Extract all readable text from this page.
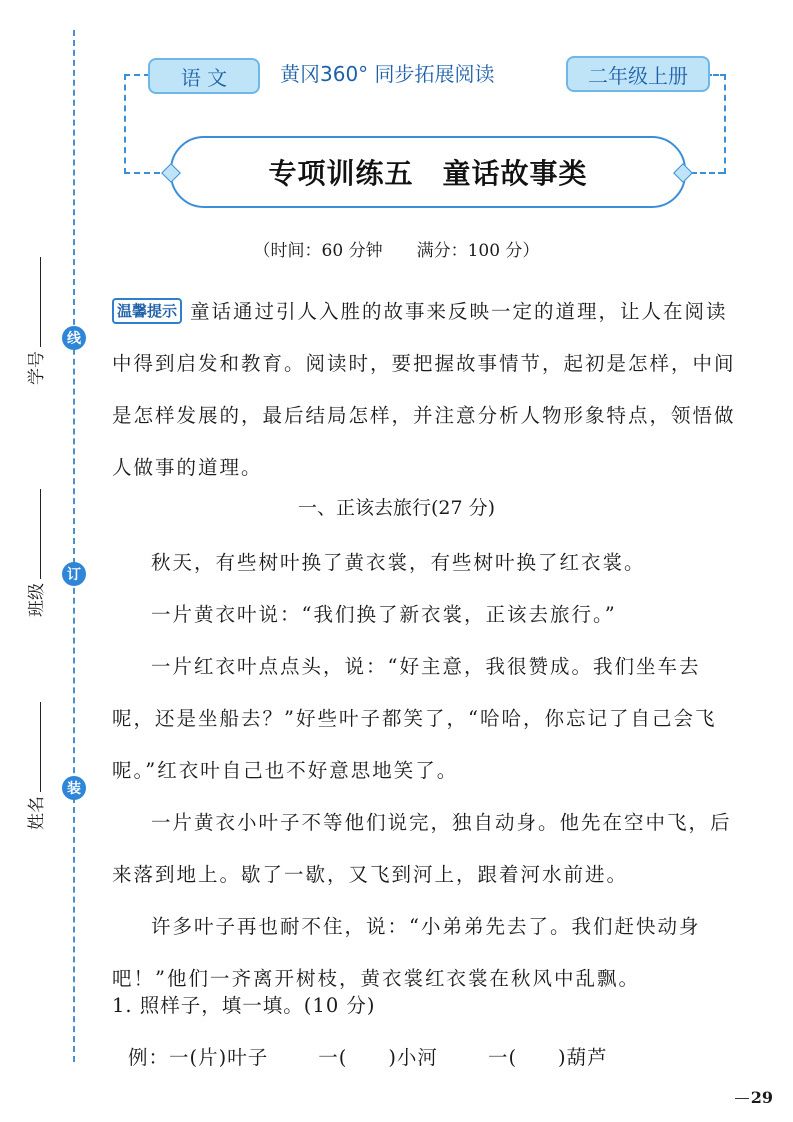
线
订
装
学号
班级
姓名
语 文	黄冈360° 同步拓展阅读	二年级上册
专项训练五　童话故事类
（时间：60 分钟　　满分：100 分）
温馨提示 童话通过引人入胜的故事来反映一定的道理，让人在阅读中得到启发和教育。阅读时，要把握故事情节，起初是怎样，中间是怎样发展的，最后结局怎样，并注意分析人物形象特点，领悟做人做事的道理。
一、正该去旅行(27 分)

秋天，有些树叶换了黄衣裳，有些树叶换了红衣裳。

一片黄衣叶说：“我们换了新衣裳，正该去旅行。”

一片红衣叶点点头，说：“好主意，我很赞成。我们坐车去呢，还是坐船去？”好些叶子都笑了，“哈哈，你忘记了自己会飞呢。”红衣叶自己也不好意思地笑了。

一片黄衣小叶子不等他们说完，独自动身。他先在空中飞，后来落到地上。歇了一歇，又飞到河上，跟着河水前进。

许多叶子再也耐不住，说：“小弟弟先去了。我们赶快动身吧！”他们一齐离开树枝，黄衣裳红衣裳在秋风中乱飘。

1. 照样子，填一填。(10 分)
例：一(片)叶子	一(　　)小河	一(　　)葫芦
29
